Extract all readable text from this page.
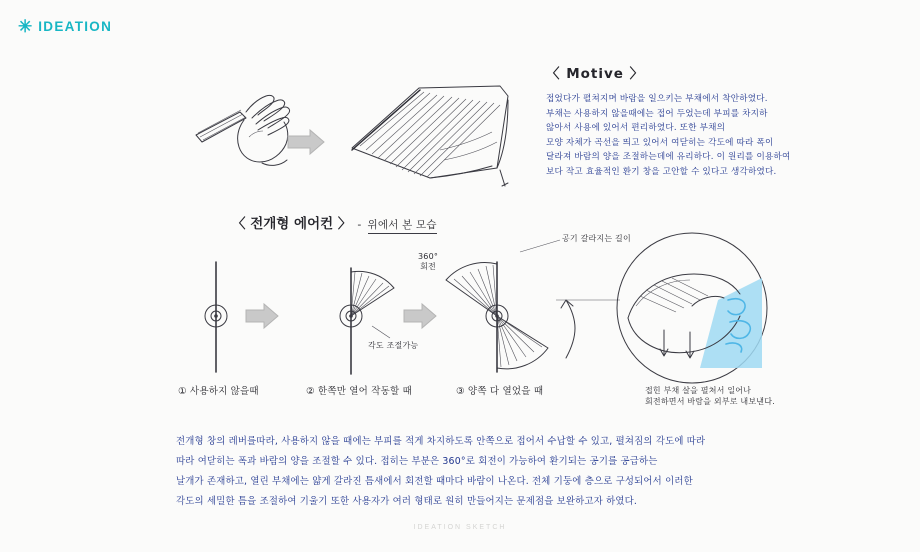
✳ IDEATION
〈 Motive 〉
접었다가 펼쳐지며 바람을 일으키는 부채에서 착안하였다.
부채는 사용하지 않을때에는 접어 두었는데 부피를 차지하
않아서 사용에 있어서 편리하였다. 또한 부채의
모양 자체가 곡선을 띄고 있어서 여닫히는 각도에 따라 폭이
달라져 바람의 양을 조절하는데에 유리하다. 이 원리를 이용하여
보다 작고 효율적인 환기 창을 고안할 수 있다고 생각하였다.
〈 전개형 에어컨 〉 - 위에서 본 모습
① 사용하지 않을때	② 한쪽만 열어 작동할 때	③ 양쪽 다 열었을 때
360°
회전
각도 조절가능
공기 갈라지는 길이
접힌 부채 살을 펼쳐서 일어나
회전하면서 바람을 외부로 내보낸다.
전개형 창의 레버를따라, 사용하지 않을 때에는 부피를 적게 차지하도록 안쪽으로 접어서 수납할 수 있고, 펼쳐짐의 각도에 따라
따라 여닫히는 폭과 바람의 양을 조절할 수 있다. 접히는 부분은 360°로 회전이 가능하여 환기되는 공기를 공급하는
날개가 존재하고, 열린 부채에는 얇게 갈라진 틈새에서 회전할 때마다 바람이 나온다. 전체 기둥에 층으로 구성되어서 이러한
각도의 세밀한 틈을 조절하여 기울기 또한 사용자가 여러 형태로 원히 만들어지는 문제점을 보완하고자 하였다.
IDEATION SKETCH
